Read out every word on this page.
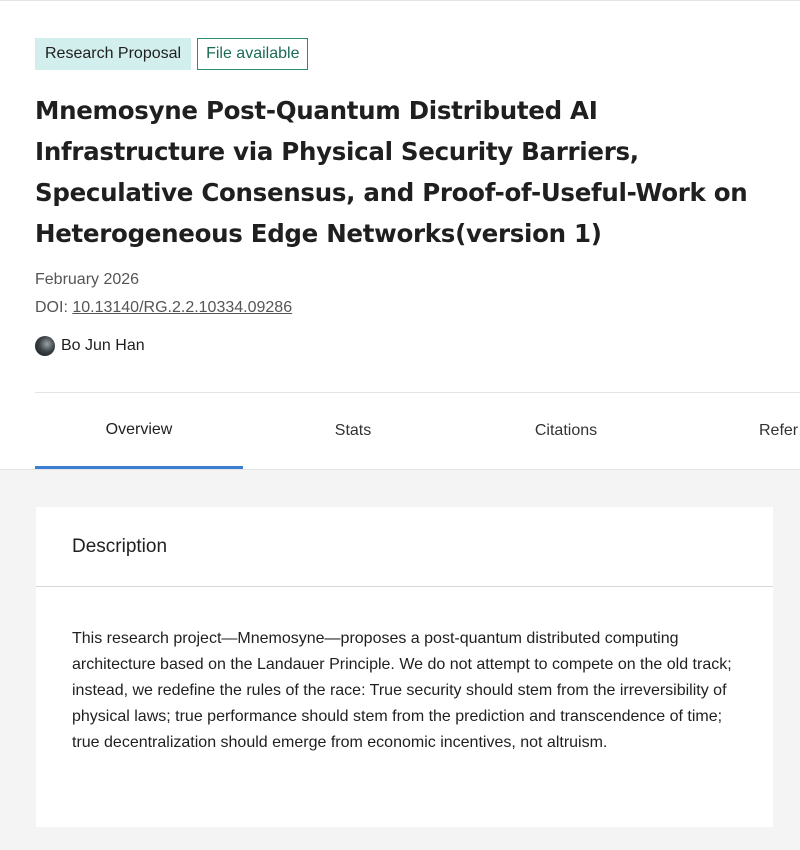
Research Proposal	File available
Mnemosyne Post-Quantum Distributed AI Infrastructure via Physical Security Barriers, Speculative Consensus, and Proof-of-Useful-Work on Heterogeneous Edge Networks(version 1)
February 2026
DOI: 10.13140/RG.2.2.10334.09286
Bo Jun Han
Overview	Stats	Citations	Refer
Description
This research project—Mnemosyne—proposes a post-quantum distributed computing architecture based on the Landauer Principle. We do not attempt to compete on the old track; instead, we redefine the rules of the race: True security should stem from the irreversibility of physical laws; true performance should stem from the prediction and transcendence of time; true decentralization should emerge from economic incentives, not altruism.
